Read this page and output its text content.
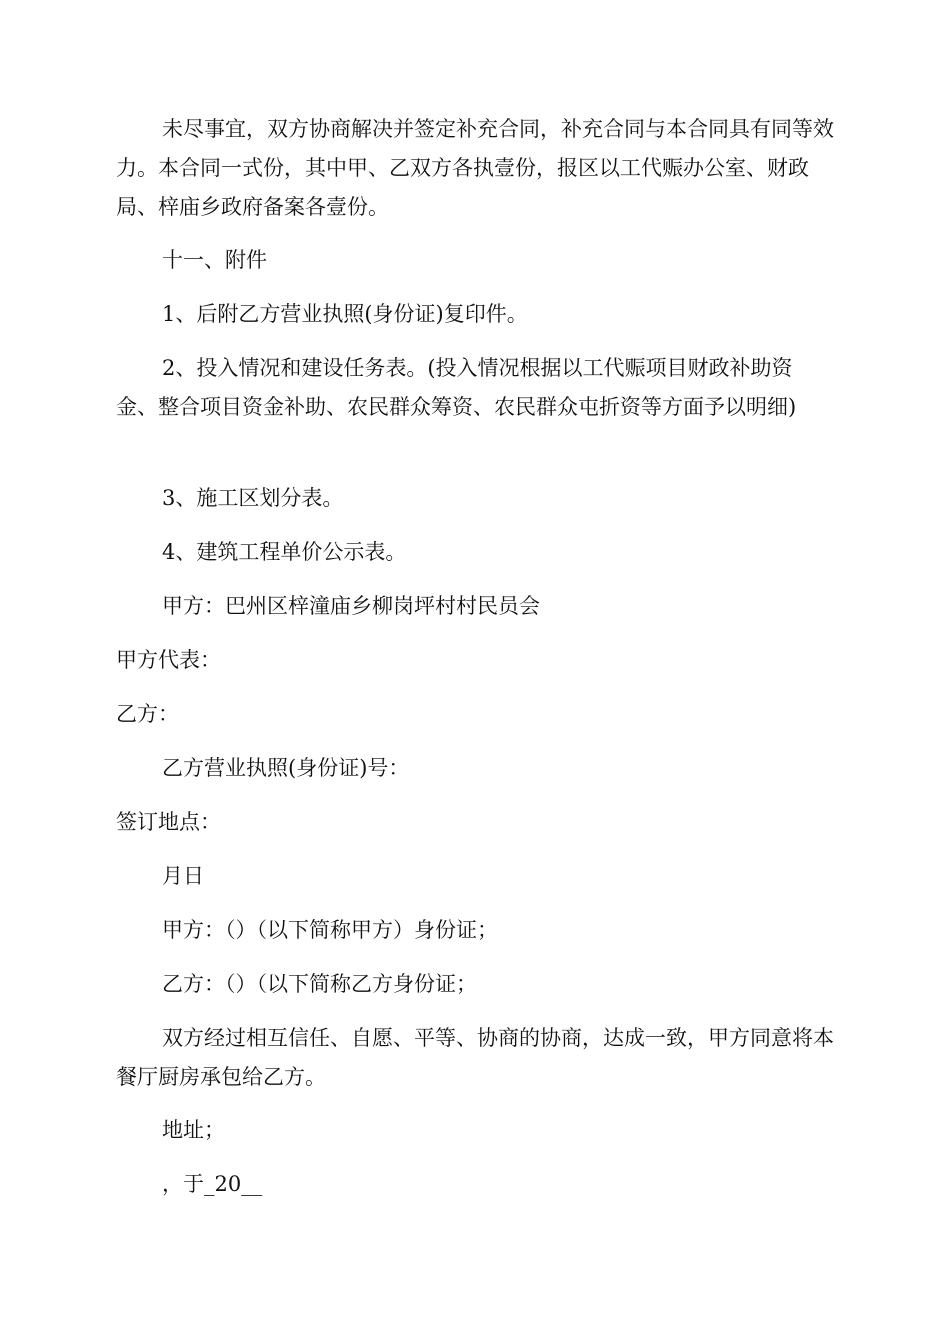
未尽事宜，双方协商解决并签定补充合同，补充合同与本合同具有同等效力。本合同一式份，其中甲、乙双方各执壹份，报区以工代赈办公室、财政局、梓庙乡政府备案各壹份。

十一、附件

1、后附乙方营业执照(身份证)复印件。

2、投入情况和建设任务表。(投入情况根据以工代赈项目财政补助资金、整合项目资金补助、农民群众筹资、农民群众屯折资等方面予以明细)

3、施工区划分表。

4、建筑工程单价公示表。

甲方：巴州区梓潼庙乡柳岗坪村村民员会

甲方代表：

乙方：

乙方营业执照(身份证)号：

签订地点：

月日

甲方：（）（以下简称甲方）身份证；

乙方：（）（以下简称乙方身份证；

双方经过相互信任、自愿、平等、协商的协商，达成一致，甲方同意将本餐厅厨房承包给乙方。

地址；

，于_20__
